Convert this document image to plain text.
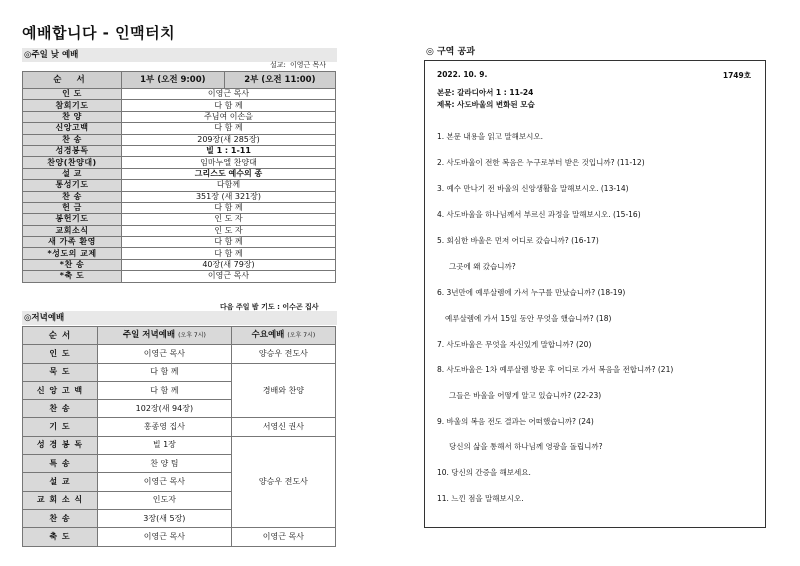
예배합니다 - 인맥터치
◎주일 낮 예배
설교: 이영근 목사
순 서	1부 (오전 9:00)	2부 (오전 11:00)
인 도	이영근 목사	
참회기도	다 함 께	
찬 양	주님여 이손을	
신앙고백	다 함 께	
찬 송	209장(새 285장)	
성경봉독	빌 1 : 1-11	
찬양(찬양대)	임마누엘 찬양대	
설 교	그리스도 예수의 종	
통성기도	다함께	
찬 송	351장 (새 321장)	
헌 금	다 함 께	
봉헌기도	인 도 자	
교회소식	인 도 자	
새 가족 환영	다 함 께	
*성도의 교제	다 함 께	
*찬 송	40장(새 79장)	
*축 도	이영근 목사	
다음 주일 밤 기도 : 이수곤 집사
◎저녁예배
순 서	주일 저녁예배 (오후 7시)	수요예배 (오후 7시)
인 도	이영근 목사	양승우 전도사
묵 도	다 함 께	경배와 찬양
신 앙 고 백	다 함 께	
찬 송	102장(새 94장)	
기 도	홍종영 집사	서영신 권사
성 경 봉 독	빌 1장	양승우 전도사
특 송	찬 양 팀	
설 교	이영근 목사	
교 회 소 식	인도자	
찬 송	3장(새 5장)	
축 도	이영근 목사	이영근 목사
◎ 구역 공과
2022. 10. 9.	1749호
본문: 갈라디아서 1 : 11-24
제목: 사도바울의 변화된 모습
1. 본문 내용을 읽고 말해보시오.
2. 사도바울이 전한 복음은 누구로부터 받은 것입니까? (11-12)
3. 예수 만나기 전 바울의 신앙생활을 말해보시오. (13-14)
4. 사도바울을 하나님께서 부르신 과정을 말해보시오. (15-16)
5. 회심한 바울은 먼저 어디로 갔습니까? (16-17)
그곳에 왜 갔습니까?
6. 3년만에 예루살렘에 가서 누구를 만났습니까? (18-19)
예루살렘에 가서 15일 동안 무엇을 했습니까? (18)
7. 사도바울은 무엇을 자신있게 말합니까? (20)
8. 사도바울은 1차 예루살렘 방문 후 어디로 가서 복음을 전합니까? (21)
그들은 바울을 어떻게 알고 있습니까? (22-23)
9. 바울의 복음 전도 결과는 어떠했습니까? (24)
당신의 삶을 통해서 하나님께 영광을 돌립니까?
10. 당신의 간증을 해보세요.
11. 느낀 점을 말해보시오.
